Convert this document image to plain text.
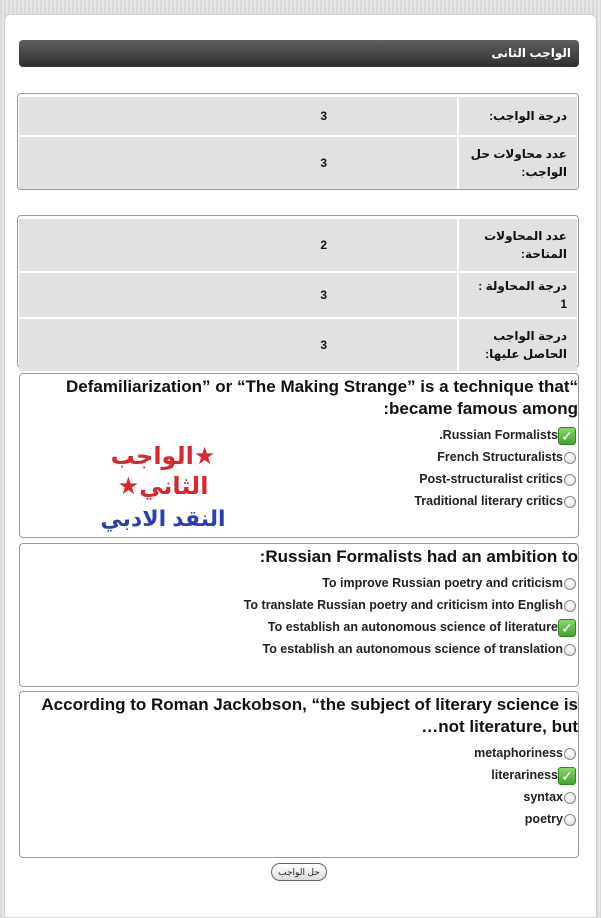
الواجب الثانى
درجة الواجب:	3
عدد محاولات حل الواجب:	3
عدد المحاولات المتاحة:	2
درجة المحاولة : 1	3
درجة الواجب الحاصل عليها:	3
Defamiliarization” or “The Making Strange” is a technique that“
:became famous among
.Russian Formalists ✓
French Structuralists
Post-structuralist critics
Traditional literary critics
★الواجب الثاني★
النقد الادبي
:Russian Formalists had an ambition to
To improve Russian poetry and criticism
To translate Russian poetry and criticism into English
To establish an autonomous science of literature ✓
To establish an autonomous science of translation
According to Roman Jackobson, “the subject of literary science is
…not literature, but
metaphoriness
literariness ✓
syntax
poetry
حل الواجب
